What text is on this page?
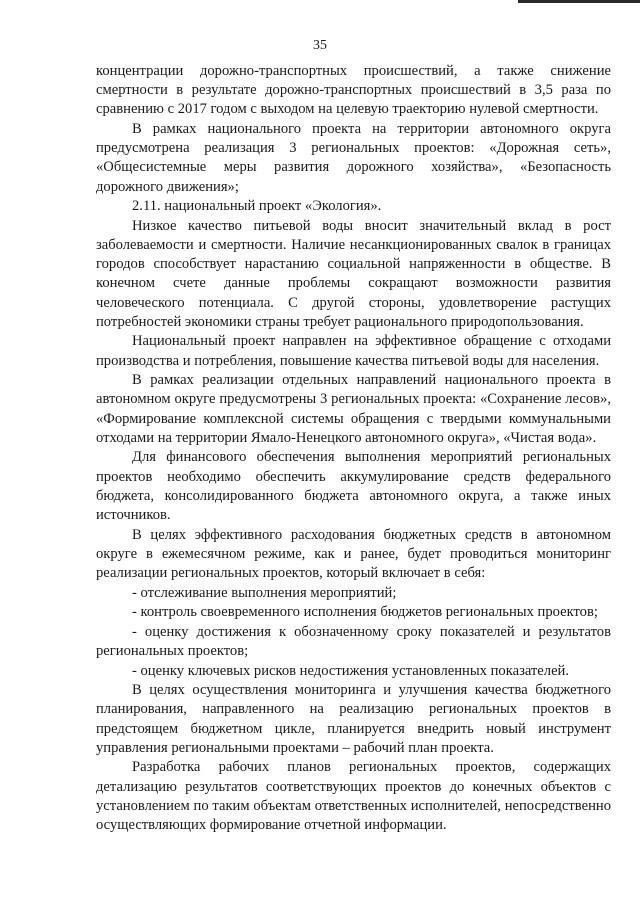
35

концентрации дорожно-транспортных происшествий, а также снижение смертности в результате дорожно-транспортных происшествий в 3,5 раза по сравнению с 2017 годом с выходом на целевую траекторию нулевой смертности.

В рамках национального проекта на территории автономного округа предусмотрена реализация 3 региональных проектов: «Дорожная сеть», «Общесистемные меры развития дорожного хозяйства», «Безопасность дорожного движения»;

2.11. национальный проект «Экология».

Низкое качество питьевой воды вносит значительный вклад в рост заболеваемости и смертности. Наличие несанкционированных свалок в границах городов способствует нарастанию социальной напряженности в обществе. В конечном счете данные проблемы сокращают возможности развития человеческого потенциала. С другой стороны, удовлетворение растущих потребностей экономики страны требует рационального природопользования.

Национальный проект направлен на эффективное обращение с отходами производства и потребления, повышение качества питьевой воды для населения.

В рамках реализации отдельных направлений национального проекта в автономном округе предусмотрены 3 региональных проекта: «Сохранение лесов», «Формирование комплексной системы обращения с твердыми коммунальными отходами на территории Ямало-Ненецкого автономного округа», «Чистая вода».

Для финансового обеспечения выполнения мероприятий региональных проектов необходимо обеспечить аккумулирование средств федерального бюджета, консолидированного бюджета автономного округа, а также иных источников.

В целях эффективного расходования бюджетных средств в автономном округе в ежемесячном режиме, как и ранее, будет проводиться мониторинг реализации региональных проектов, который включает в себя:

- отслеживание выполнения мероприятий;

- контроль своевременного исполнения бюджетов региональных проектов;

- оценку достижения к обозначенному сроку показателей и результатов региональных проектов;

- оценку ключевых рисков недостижения установленных показателей.

В целях осуществления мониторинга и улучшения качества бюджетного планирования, направленного на реализацию региональных проектов в предстоящем бюджетном цикле, планируется внедрить новый инструмент управления региональными проектами – рабочий план проекта.

Разработка рабочих планов региональных проектов, содержащих детализацию результатов соответствующих проектов до конечных объектов с установлением по таким объектам ответственных исполнителей, непосредственно осуществляющих формирование отчетной информации.
